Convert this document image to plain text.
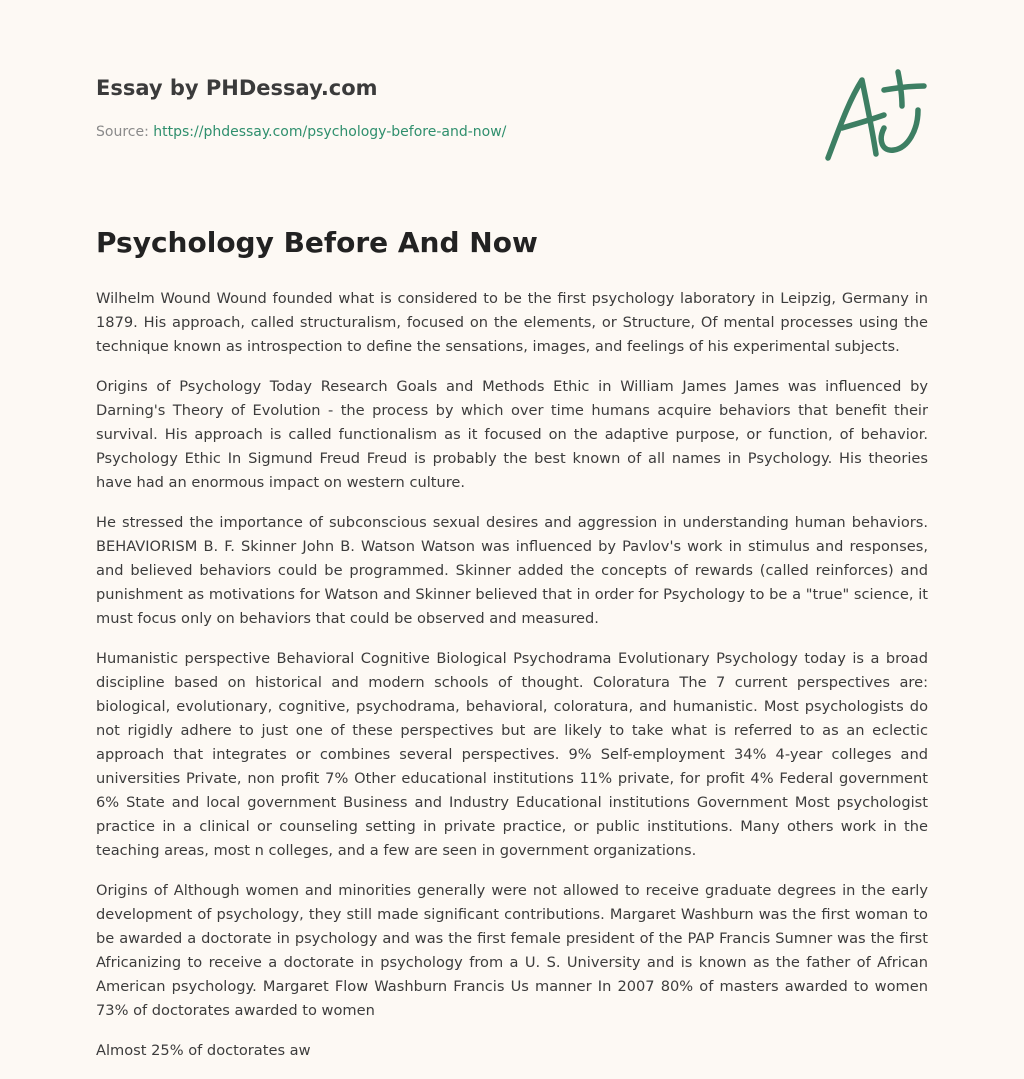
Essay by PHDessay.com
Source: https://phdessay.com/psychology-before-and-now/
Psychology Before And Now

Wilhelm Wound Wound founded what is considered to be the first psychology laboratory in Leipzig, Germany in 1879. His approach, called structuralism, focused on the elements, or Structure, Of mental processes using the technique known as introspection to define the sensations, images, and feelings of his experimental subjects.

Origins of Psychology Today Research Goals and Methods Ethic in William James James was influenced by Darning's Theory of Evolution - the process by which over time humans acquire behaviors that benefit their survival. His approach is called functionalism as it focused on the adaptive purpose, or function, of behavior. Psychology Ethic In Sigmund Freud Freud is probably the best known of all names in Psychology. His theories have had an enormous impact on western culture.

He stressed the importance of subconscious sexual desires and aggression in understanding human behaviors. BEHAVIORISM B. F. Skinner John B. Watson Watson was influenced by Pavlov's work in stimulus and responses, and believed behaviors could be programmed. Skinner added the concepts of rewards (called reinforces) and punishment as motivations for Watson and Skinner believed that in order for Psychology to be a "true" science, it must focus only on behaviors that could be observed and measured.

Humanistic perspective Behavioral Cognitive Biological Psychodrama Evolutionary Psychology today is a broad discipline based on historical and modern schools of thought. Coloratura The 7 current perspectives are: biological, evolutionary, cognitive, psychodrama, behavioral, coloratura, and humanistic. Most psychologists do not rigidly adhere to just one of these perspectives but are likely to take what is referred to as an eclectic approach that integrates or combines several perspectives. 9% Self-employment 34% 4-year colleges and universities Private, non profit 7% Other educational institutions 11% private, for profit 4% Federal government 6% State and local government Business and Industry Educational institutions Government Most psychologist practice in a clinical or counseling setting in private practice, or public institutions. Many others work in the teaching areas, most n colleges, and a few are seen in government organizations.

Origins of Although women and minorities generally were not allowed to receive graduate degrees in the early development of psychology, they still made significant contributions. Margaret Washburn was the first woman to be awarded a doctorate in psychology and was the first female president of the PAP Francis Sumner was the first Africanizing to receive a doctorate in psychology from a U. S. University and is known as the father of African American psychology. Margaret Flow Washburn Francis Us manner In 2007 80% of masters awarded to women 73% of doctorates awarded to women

Almost 25% of doctorates aw
